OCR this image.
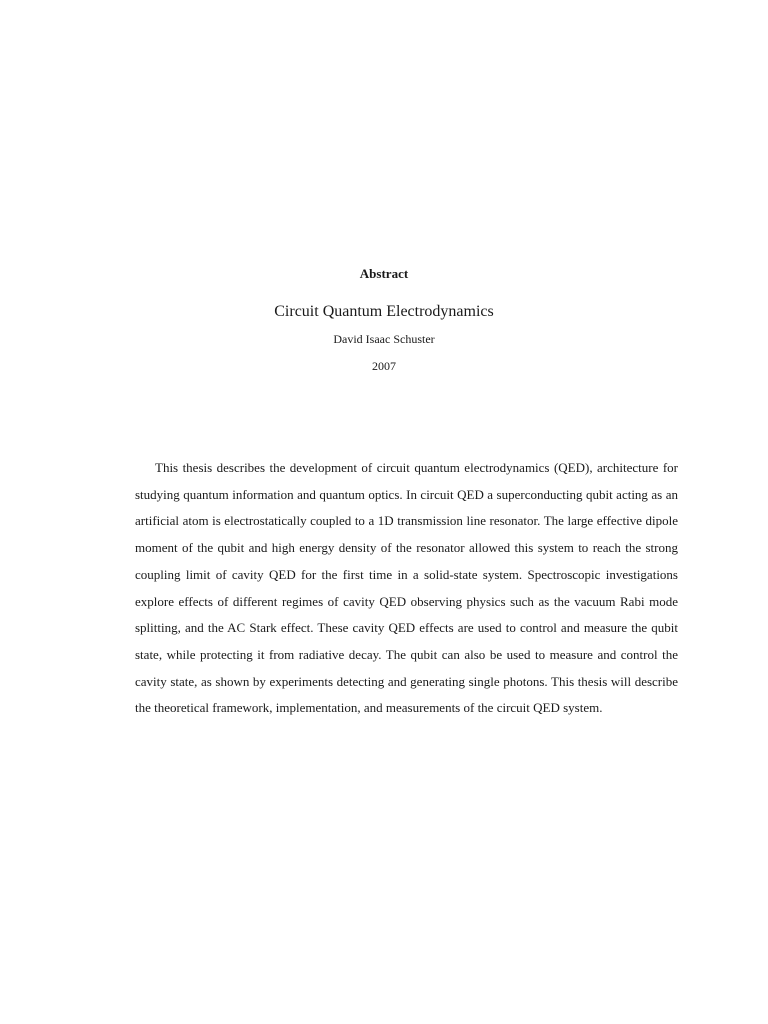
Abstract
Circuit Quantum Electrodynamics
David Isaac Schuster
2007

This thesis describes the development of circuit quantum electrodynamics (QED), architecture for studying quantum information and quantum optics. In circuit QED a superconducting qubit acting as an artificial atom is electrostatically coupled to a 1D transmission line resonator. The large effective dipole moment of the qubit and high energy density of the resonator allowed this system to reach the strong coupling limit of cavity QED for the first time in a solid-state system. Spectroscopic investigations explore effects of different regimes of cavity QED observing physics such as the vacuum Rabi mode splitting, and the AC Stark effect. These cavity QED effects are used to control and measure the qubit state, while protecting it from radiative decay. The qubit can also be used to measure and control the cavity state, as shown by experiments detecting and generating single photons. This thesis will describe the theoretical framework, implementation, and measurements of the circuit QED system.
